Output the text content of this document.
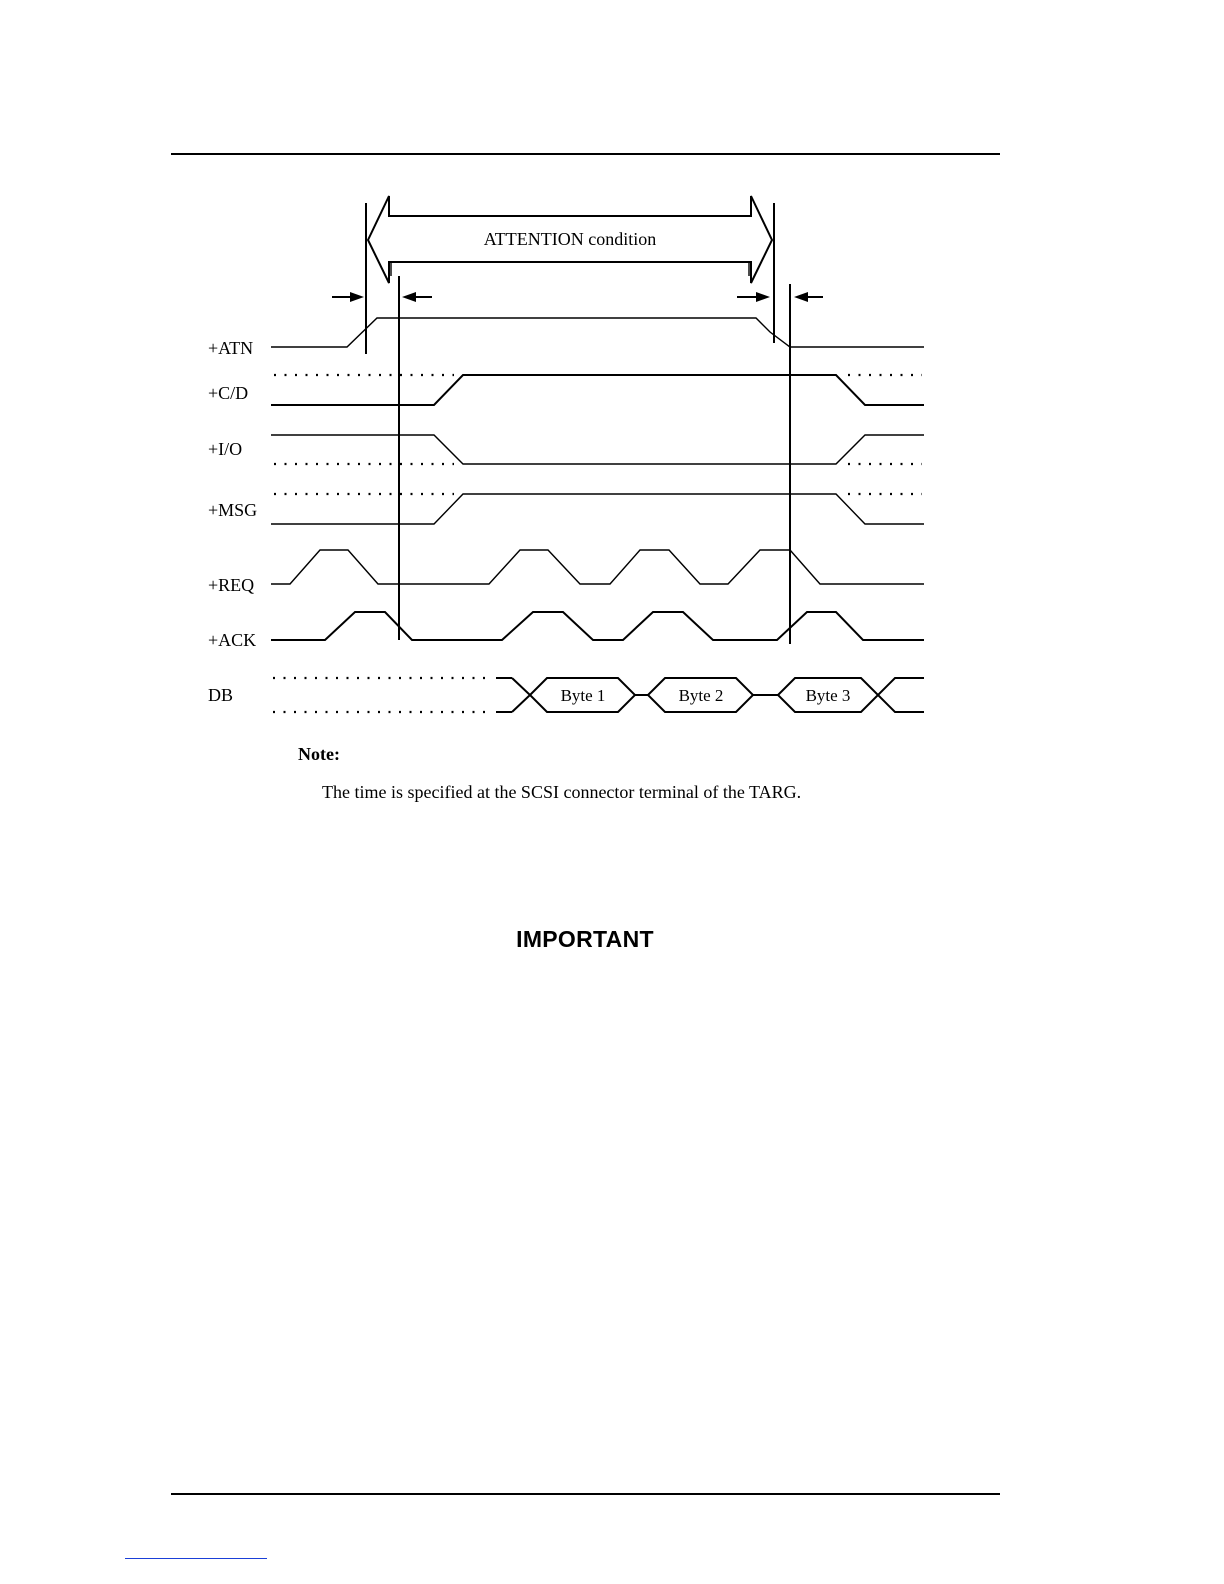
ATTENTION condition
+ATN
+C/D
+I/O
+MSG
+REQ
+ACK
DB	Byte 1	Byte 2	Byte 3
Note:
The time is specified at the SCSI connector terminal of the TARG.
IMPORTANT
